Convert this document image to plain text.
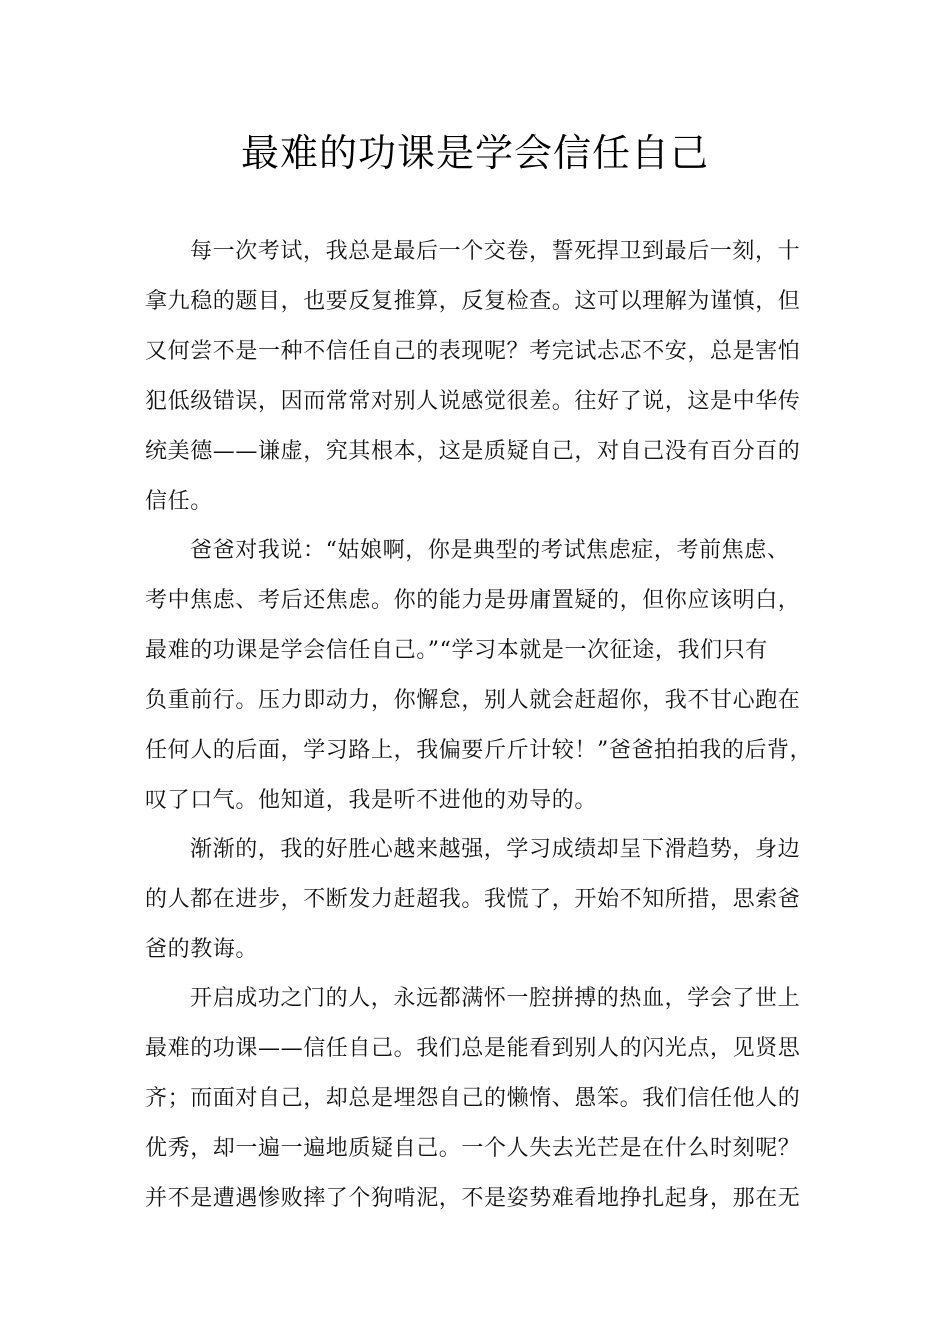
最难的功课是学会信任自己

每一次考试，我总是最后一个交卷，誓死捍卫到最后一刻，十

拿九稳的题目，也要反复推算，反复检查。这可以理解为谨慎，但

又何尝不是一种不信任自己的表现呢？考完试忐忑不安，总是害怕

犯低级错误，因而常常对别人说感觉很差。往好了说，这是中华传

统美德——谦虚，究其根本，这是质疑自己，对自己没有百分百的

信任。

爸爸对我说：“姑娘啊，你是典型的考试焦虑症，考前焦虑、

考中焦虑、考后还焦虑。你的能力是毋庸置疑的，但你应该明白，

最难的功课是学会信任自己。”“学习本就是一次征途，我们只有

负重前行。压力即动力，你懈怠，别人就会赶超你，我不甘心跑在

任何人的后面，学习路上，我偏要斤斤计较！”爸爸拍拍我的后背，

叹了口气。他知道，我是听不进他的劝导的。

渐渐的，我的好胜心越来越强，学习成绩却呈下滑趋势，身边

的人都在进步，不断发力赶超我。我慌了，开始不知所措，思索爸

爸的教诲。

开启成功之门的人，永远都满怀一腔拼搏的热血，学会了世上

最难的功课——信任自己。我们总是能看到别人的闪光点，见贤思

齐；而面对自己，却总是埋怨自己的懒惰、愚笨。我们信任他人的

优秀，却一遍一遍地质疑自己。一个人失去光芒是在什么时刻呢？

并不是遭遇惨败摔了个狗啃泥，不是姿势难看地挣扎起身，那在无
